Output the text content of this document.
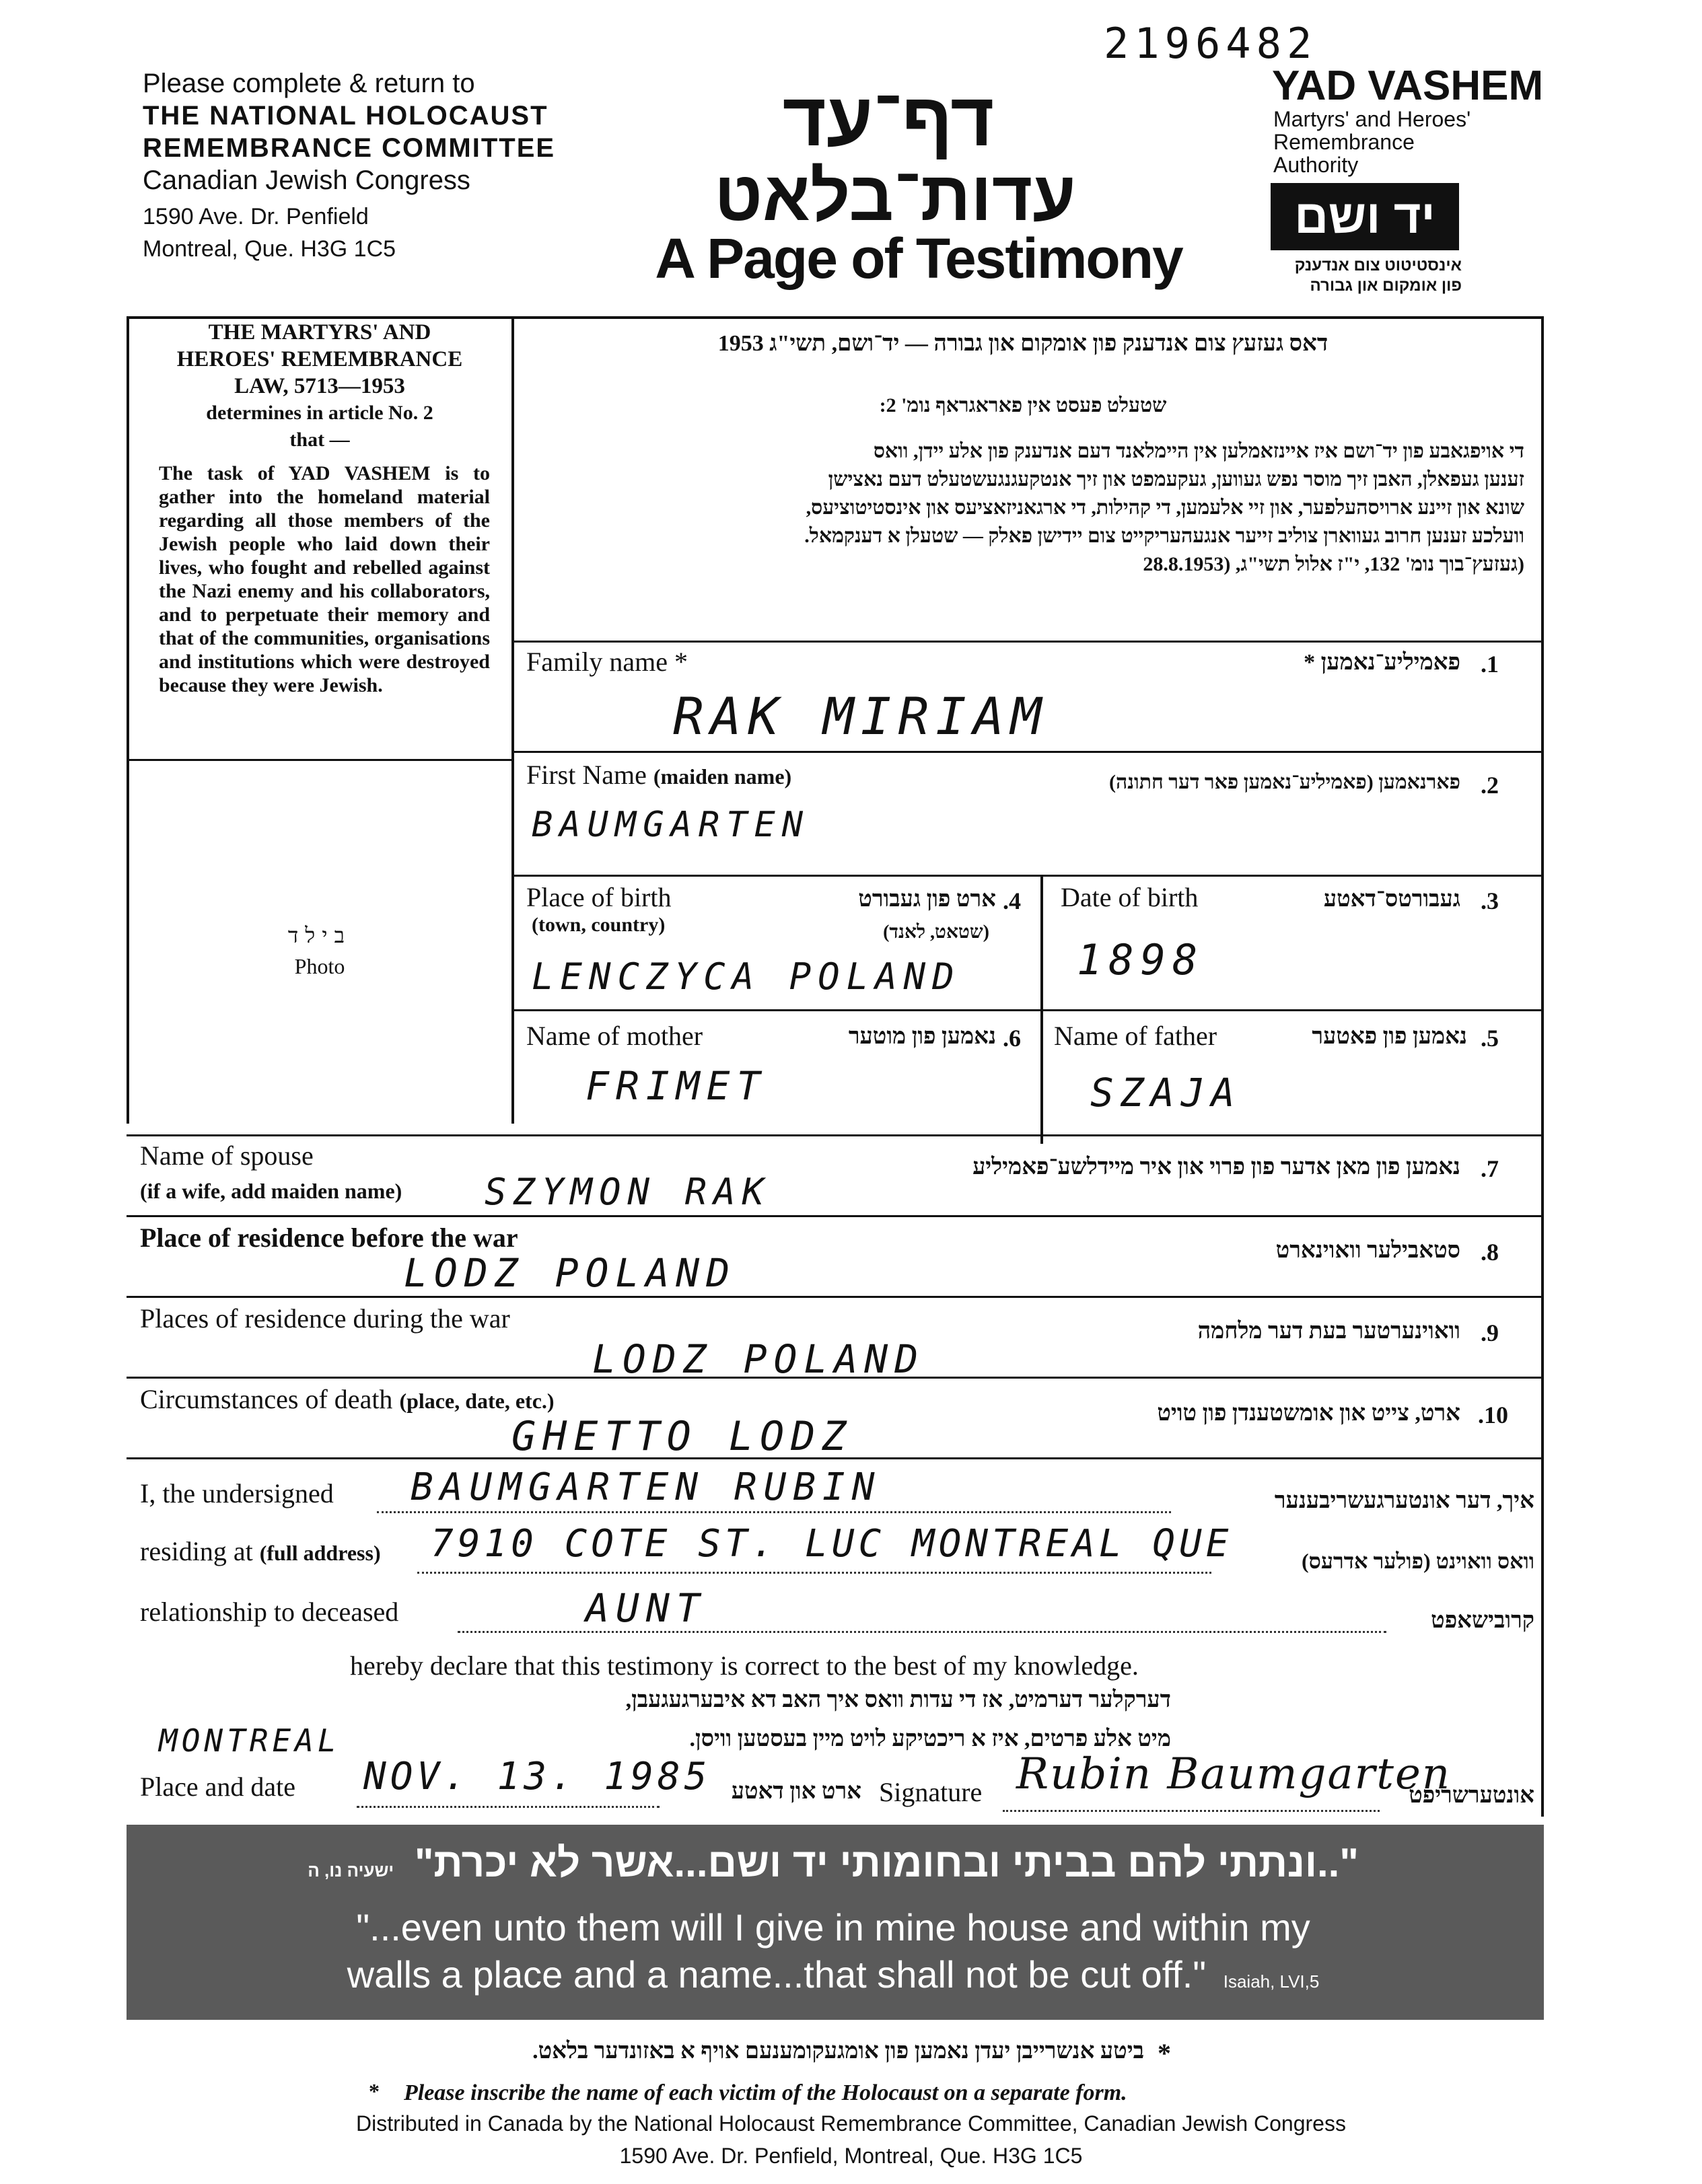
2196482
Please complete & return to
THE NATIONAL HOLOCAUST
REMEMBRANCE COMMITTEE
Canadian Jewish Congress
1590 Ave. Dr. Penfield
Montreal, Que. H3G 1C5
דף־עד
עדות־בלאט
A Page of Testimony
YAD VASHEM
Martyrs' and Heroes'
Remembrance
Authority
יד ושם
אינסטיטוט צום אנדענק
פון אומקום און גבורה
THE MARTYRS' AND
HEROES' REMEMBRANCE
LAW, 5713—1953
determines in article No. 2
that —
The task of YAD VASHEM is to gather into the homeland material regarding all those members of the Jewish people who laid down their lives, who fought and rebelled against the Nazi enemy and his collaborators, and to perpetuate their memory and that of the communities, organisations and institutions which were destroyed because they were Jewish.
בילד
Photo
דאס געזעץ צום אנדענק פון אומקום און גבורה — יד־ושם, תשי"ג 1953
שטעלט פעסט אין פאראגראף נומ' 2:
די אויפגאבע פון יד־ושם איז איינזאמלען אין היימלאנד דעם אנדענק פון אלע יידן, וואס
זענען געפאלן, האבן זיך מוסר נפש געווען, געקעמפט און זיך אנטקעגנגעשטעלט דעם נאצישן
שונא און זיינע ארויסהעלפער, און זיי אלעמען, די קהילות, די ארגאניזאציעס און אינסטיטוציעס,
וועלכע זענען חרוב געווארן צוליב זייער אנגעהעריקייט צום יידישן פאלק — שטעלן א דענקמאל.
(געזעץ־בוך נומ' 132, י"ז אלול תשי"ג, (28.8.1953
Family name *	פאמיליע־נאמען * .1
RAK MIRIAM
First Name (maiden name)	פארנאמען (פאמיליע־נאמען פאר דער חתונה) .2
BAUMGARTEN
Place of birth
(town, country)
ארט פון געבורט
(שטאט, לאנד)
.4
LENCZYCA POLAND
Date of birth	געבורטס־דאטע .3
1898
Name of mother	נאמען פון מוטער .6
FRIMET
Name of father	נאמען פון פאטער .5
SZAJA
Name of spouse
(if a wife, add maiden name)
נאמען פון מאן אדער פון פרוי און איר מיידלשע־פאמיליע .7
SZYMON RAK
Place of residence before the war	סטאבילער וואוינארט .8
LODZ POLAND
Places of residence during the war	וואוינערטער בעת דער מלחמה .9
LODZ POLAND
Circumstances of death (place, date, etc.)	ארט, צייט און אומשטענדן פון טויט .10
GHETTO LODZ
I, the undersigned BAUMGARTEN RUBIN	איך, דער אונטערגעשריבענער
residing at (full address) 7910 COTE ST. LUC MONTREAL QUE	וואס וואוינט (פולער אדרעס)
relationship to deceased	AUNT	קרובישאפט
hereby declare that this testimony is correct to the best of my knowledge.
דערקלער דערמיט, אז די עדות וואס איך האב דא איבערגעגעבן,
מיט אלע פרטים, איז א ריכטיקע לויט מיין בעסטען וויסן.
MONTREAL
Place and date NOV. 13. 1985 ארט און דאטע Signature Rubin Baumgarten
אונטערשריפט
"..ונתתי להם בביתי ובחומותי יד ושם...אשר לא יכרת" ישעיה נו, ה
"...even unto them will I give in mine house and within my
walls a place and a name...that shall not be cut off." Isaiah, LVI,5
*
ביטע אנשרייבן יעדן נאמען פון אומגעקומענעם אויף א באזונדער בלאט.
* Please inscribe the name of each victim of the Holocaust on a separate form.
Distributed in Canada by the National Holocaust Remembrance Committee, Canadian Jewish Congress
1590 Ave. Dr. Penfield, Montreal, Que. H3G 1C5
